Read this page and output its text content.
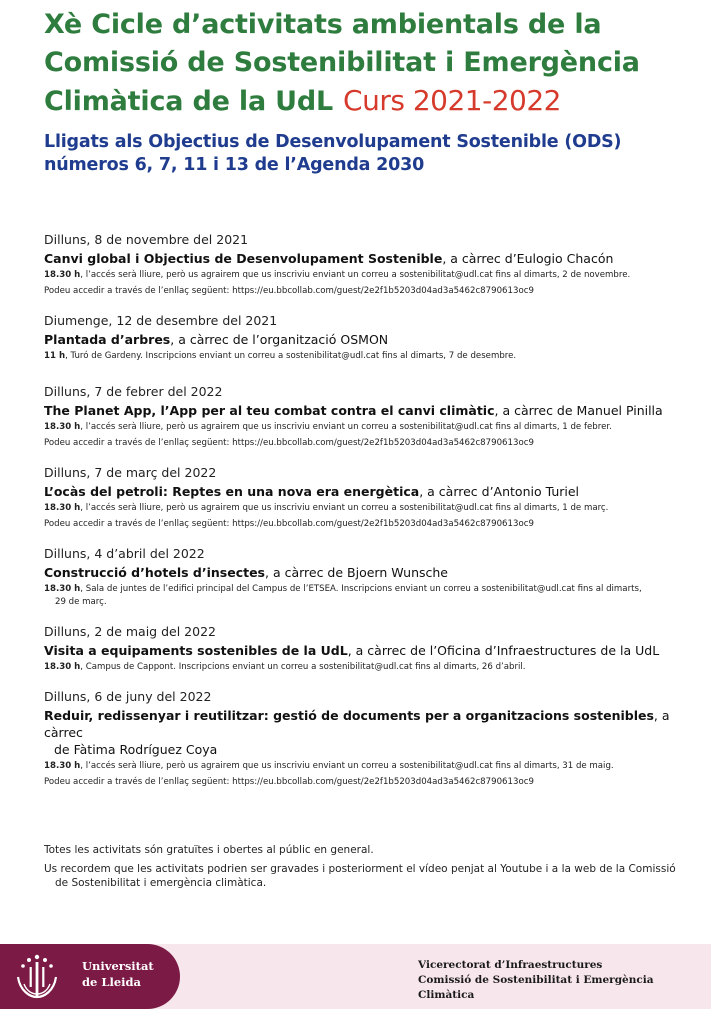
Xè Cicle d’activitats ambientals de la
Comissió de Sostenibilitat i Emergència
Climàtica de la UdL Curs 2021-2022

Lligats als Objectius de Desenvolupament Sostenible (ODS)
números 6, 7, 11 i 13 de l’Agenda 2030

Dilluns, 8 de novembre del 2021
Canvi global i Objectius de Desenvolupament Sostenible, a càrrec d’Eulogio Chacón
18.30 h, l’accés serà lliure, però us agrairem que us inscriviu enviant un correu a sostenibilitat@udl.cat fins al dimarts, 2 de novembre.
Podeu accedir a través de l’enllaç següent: https://eu.bbcollab.com/guest/2e2f1b5203d04ad3a5462c8790613oc9
Diumenge, 12 de desembre del 2021
Plantada d’arbres, a càrrec de l’organització OSMON
11 h, Turó de Gardeny. Inscripcions enviant un correu a sostenibilitat@udl.cat fins al dimarts, 7 de desembre.
Dilluns, 7 de febrer del 2022
The Planet App, l’App per al teu combat contra el canvi climàtic, a càrrec de Manuel Pinilla
18.30 h, l’accés serà lliure, però us agrairem que us inscriviu enviant un correu a sostenibilitat@udl.cat fins al dimarts, 1 de febrer.
Podeu accedir a través de l’enllaç següent: https://eu.bbcollab.com/guest/2e2f1b5203d04ad3a5462c8790613oc9
Dilluns, 7 de març del 2022
L’ocàs del petroli: Reptes en una nova era energètica, a càrrec d’Antonio Turiel
18.30 h, l’accés serà lliure, però us agrairem que us inscriviu enviant un correu a sostenibilitat@udl.cat fins al dimarts, 1 de març.
Podeu accedir a través de l’enllaç següent: https://eu.bbcollab.com/guest/2e2f1b5203d04ad3a5462c8790613oc9
Dilluns, 4 d’abril del 2022
Construcció d’hotels d’insectes, a càrrec de Bjoern Wunsche
18.30 h, Sala de juntes de l’edifici principal del Campus de l’ETSEA. Inscripcions enviant un correu a sostenibilitat@udl.cat fins al dimarts,
29 de març.
Dilluns, 2 de maig del 2022
Visita a equipaments sostenibles de la UdL, a càrrec de l’Oficina d’Infraestructures de la UdL
18.30 h, Campus de Cappont. Inscripcions enviant un correu a sostenibilitat@udl.cat fins al dimarts, 26 d’abril.
Dilluns, 6 de juny del 2022
Reduir, redissenyar i reutilitzar: gestió de documents per a organitzacions sostenibles, a càrrec
de Fàtima Rodríguez Coya
18.30 h, l’accés serà lliure, però us agrairem que us inscriviu enviant un correu a sostenibilitat@udl.cat fins al dimarts, 31 de maig.
Podeu accedir a través de l’enllaç següent: https://eu.bbcollab.com/guest/2e2f1b5203d04ad3a5462c8790613oc9

Totes les activitats són gratuïtes i obertes al públic en general.

Us recordem que les activitats podrien ser gravades i posteriorment el vídeo penjat al Youtube i a la web de la Comissió
de Sostenibilitat i emergència climàtica.

Universitat
de Lleida
Vicerectorat d’Infraestructures
Comissió de Sostenibilitat i Emergència Climàtica
